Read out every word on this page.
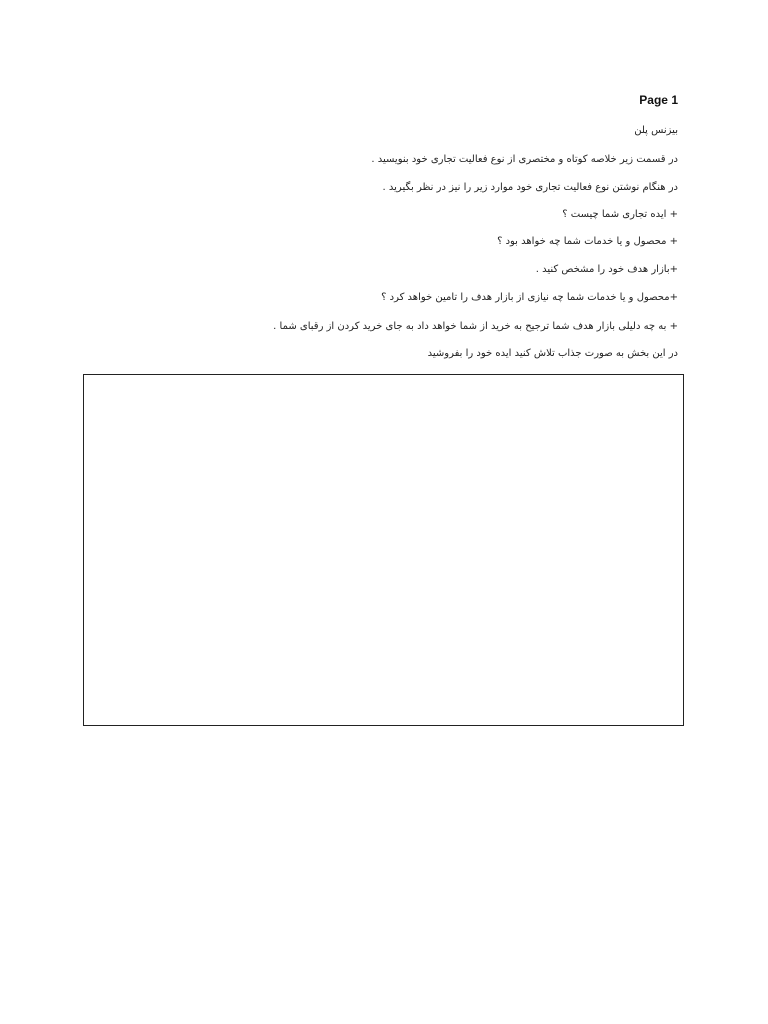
Page 1
بیزنس پلن
در قسمت زیر خلاصه کوتاه و مختصری از نوع فعالیت تجاری خود بنویسید .
در هنگام نوشتن نوع فعالیت تجاری خود موارد زیر را نیز در نظر بگیرید .
+ ایده تجاری شما چیست ؟
+ محصول و یا خدمات شما چه خواهد بود ؟
+بازار هدف خود را مشخص کنید .
+محصول و یا خدمات شما چه نیازی از بازار هدف را تامین خواهد کرد ؟
+ به چه دلیلی بازار هدف شما ترجیح به خرید از شما خواهد داد به جای خرید کردن از رقبای شما .
در این بخش به صورت جذاب تلاش کنید ایده خود را بفروشید
